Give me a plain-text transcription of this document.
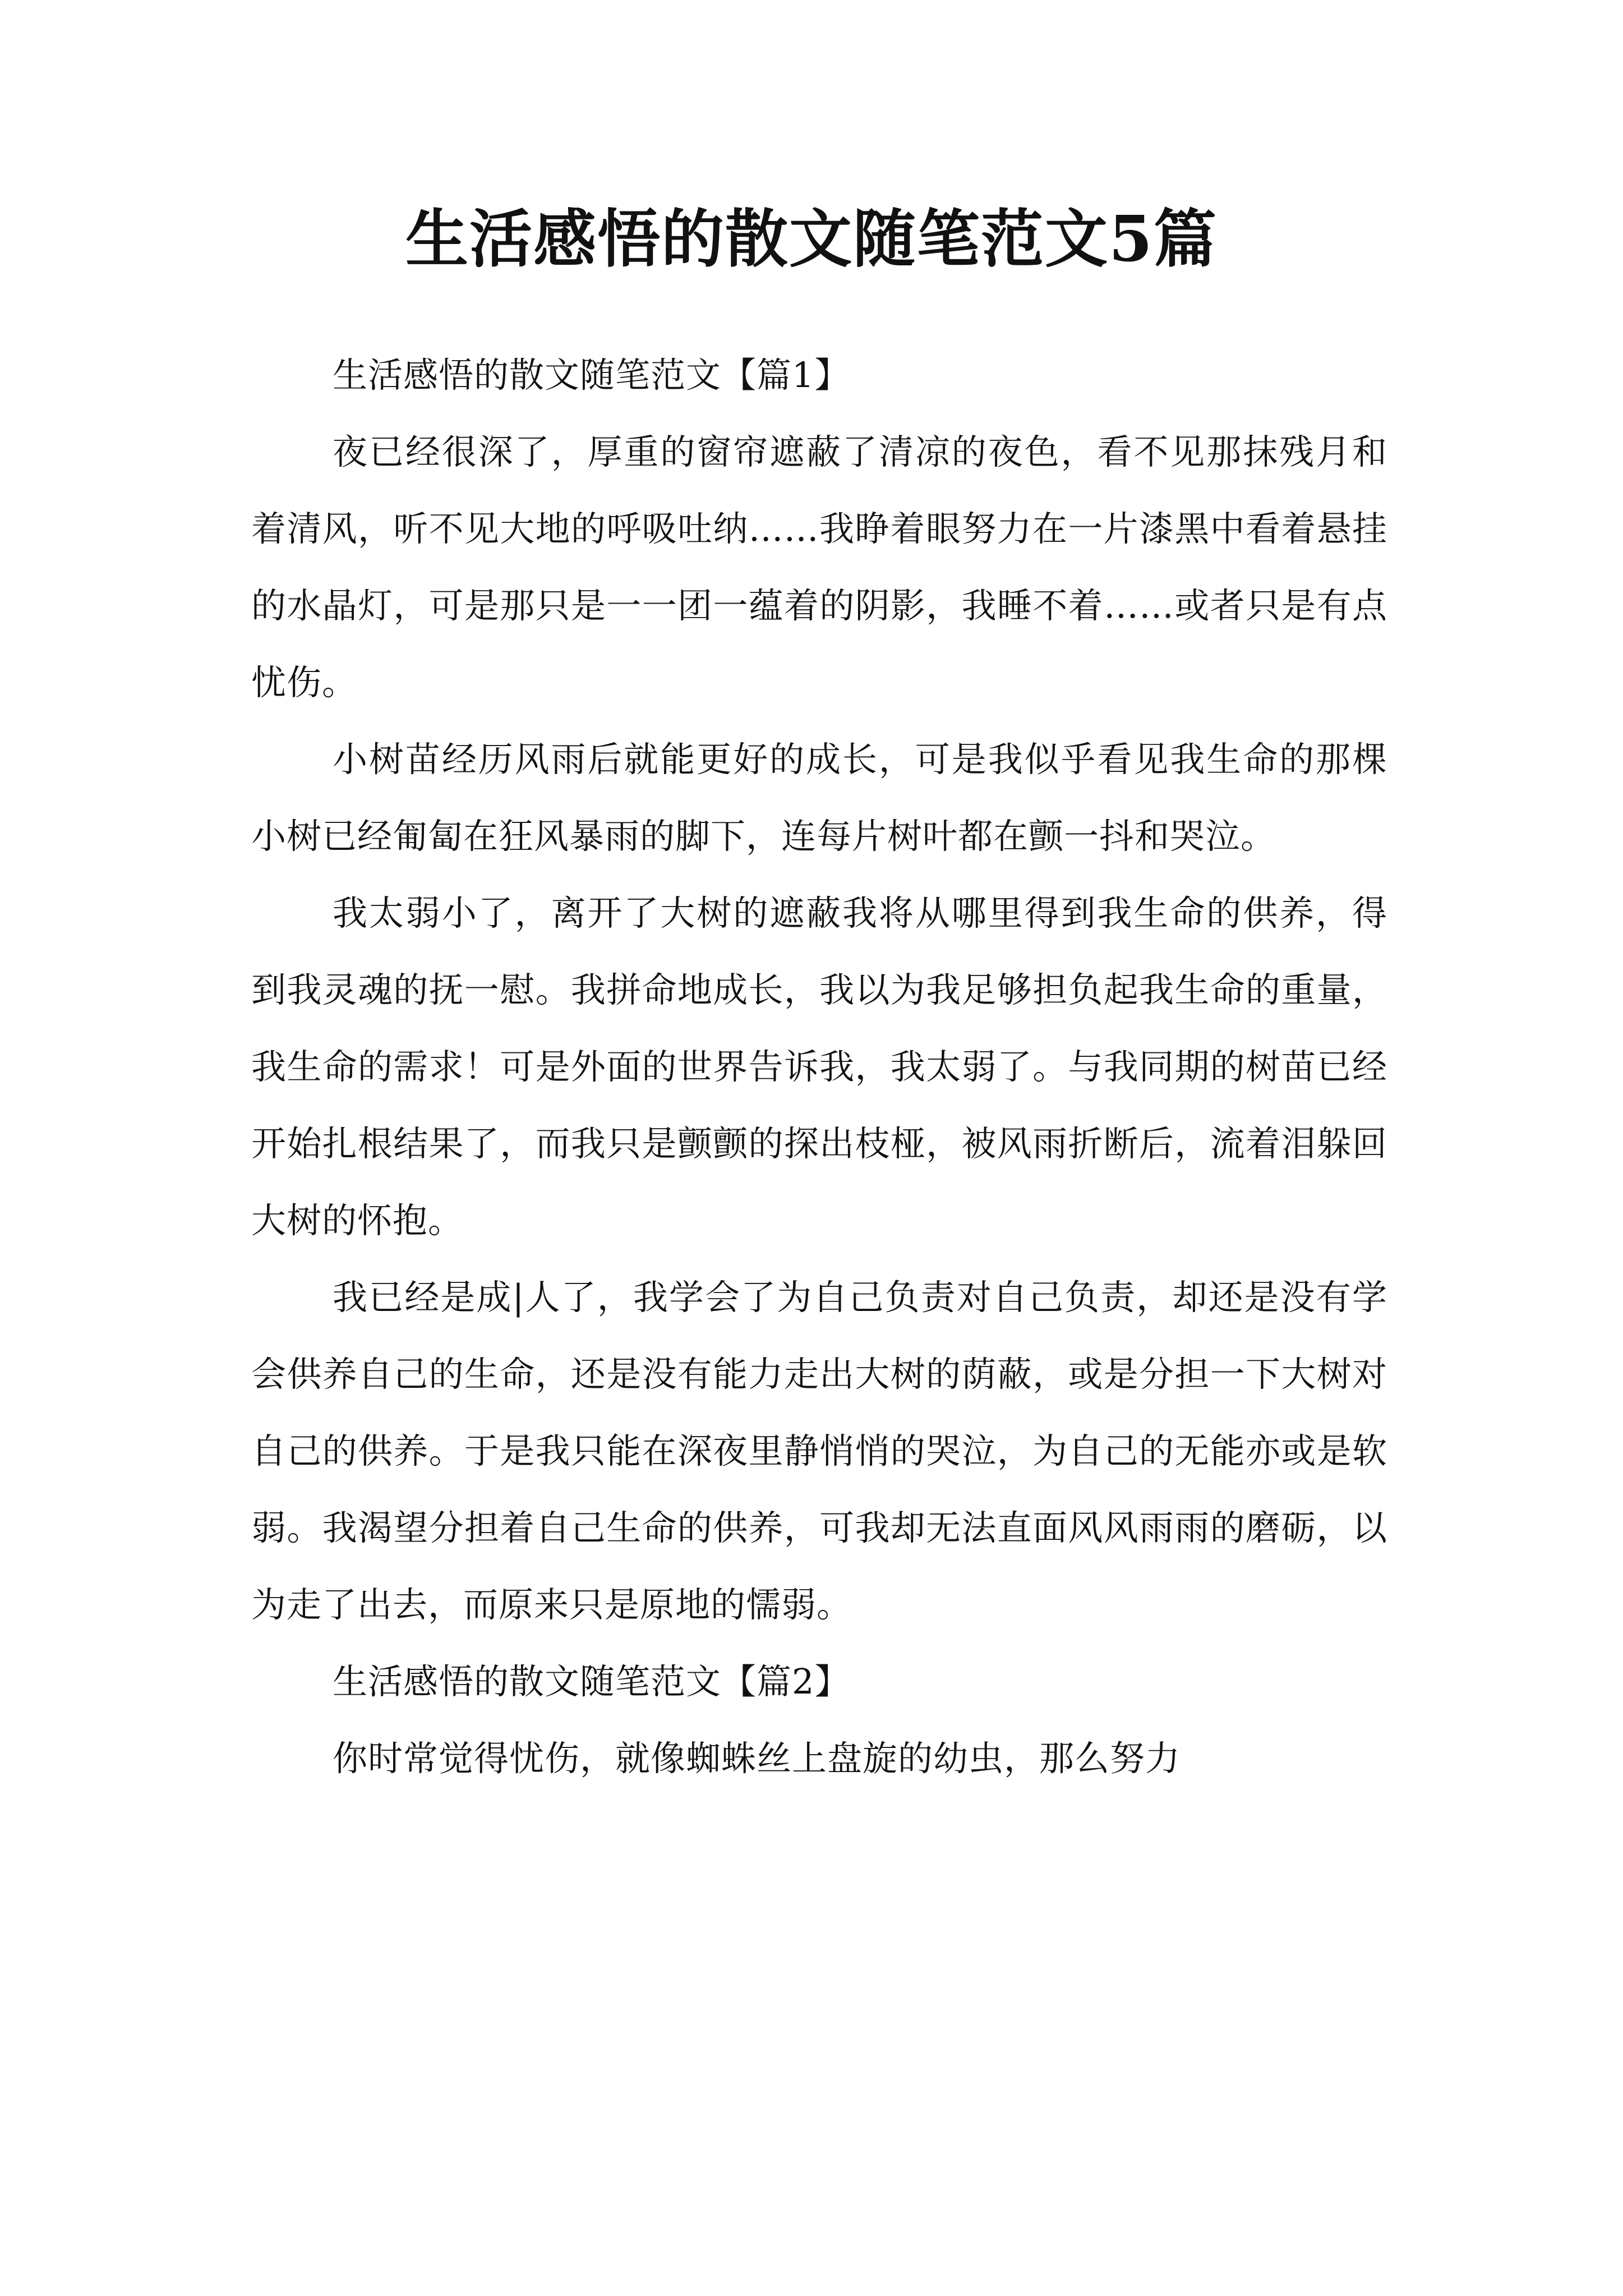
生活感悟的散文随笔范文5篇

生活感悟的散文随笔范文【篇1】

夜已经很深了，厚重的窗帘遮蔽了清凉的夜色，看不见那抹残月和着清风，听不见大地的呼吸吐纳……我睁着眼努力在一片漆黑中看着悬挂的水晶灯，可是那只是一一团一蕴着的阴影，我睡不着……或者只是有点忧伤。

小树苗经历风雨后就能更好的成长，可是我似乎看见我生命的那棵小树已经匍匐在狂风暴雨的脚下，连每片树叶都在颤一抖和哭泣。

我太弱小了，离开了大树的遮蔽我将从哪里得到我生命的供养，得到我灵魂的抚一慰。我拼命地成长，我以为我足够担负起我生命的重量，我生命的需求！可是外面的世界告诉我，我太弱了。与我同期的树苗已经开始扎根结果了，而我只是颤颤的探出枝桠，被风雨折断后，流着泪躲回大树的怀抱。

我已经是成|人了，我学会了为自己负责对自己负责，却还是没有学会供养自己的生命，还是没有能力走出大树的荫蔽，或是分担一下大树对自己的供养。于是我只能在深夜里静悄悄的哭泣，为自己的无能亦或是软弱。我渴望分担着自己生命的供养，可我却无法直面风风雨雨的磨砺，以为走了出去，而原来只是原地的懦弱。

生活感悟的散文随笔范文【篇2】

你时常觉得忧伤，就像蜘蛛丝上盘旋的幼虫，那么努力
